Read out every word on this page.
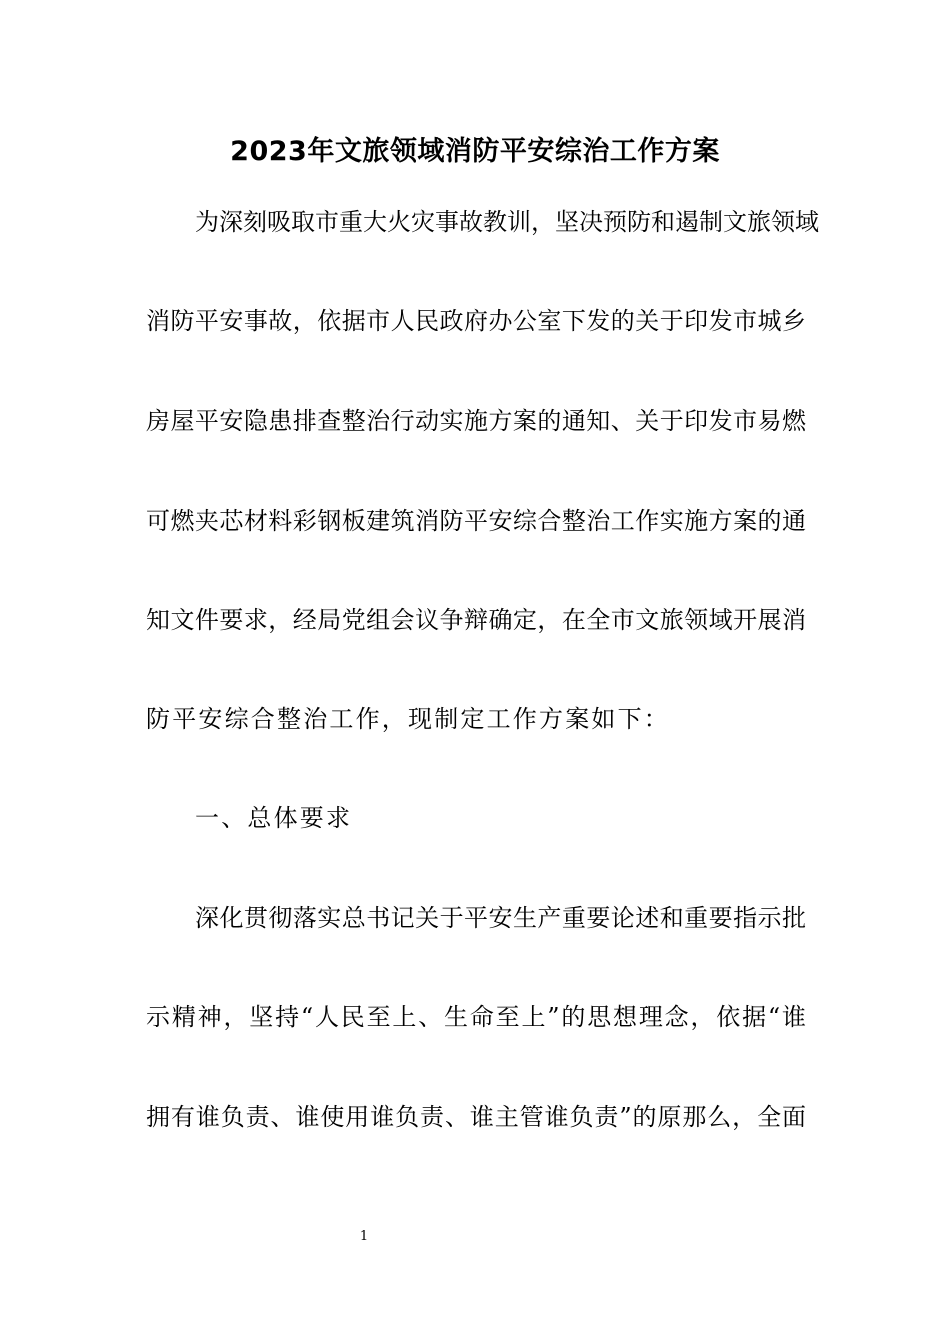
2023年文旅领域消防平安综治工作方案
为深刻吸取市重大火灾事故教训，坚决预防和遏制文旅领域
消防平安事故，依据市人民政府办公室下发的关于印发市城乡
房屋平安隐患排查整治行动实施方案的通知、关于印发市易燃
可燃夹芯材料彩钢板建筑消防平安综合整治工作实施方案的通
知文件要求，经局党组会议争辩确定，在全市文旅领域开展消
防平安综合整治工作，现制定工作方案如下：
一、总体要求
深化贯彻落实总书记关于平安生产重要论述和重要指示批
示精神，坚持“人民至上、生命至上”的思想理念，依据“谁
拥有谁负责、谁使用谁负责、谁主管谁负责”的原那么，全面
1
